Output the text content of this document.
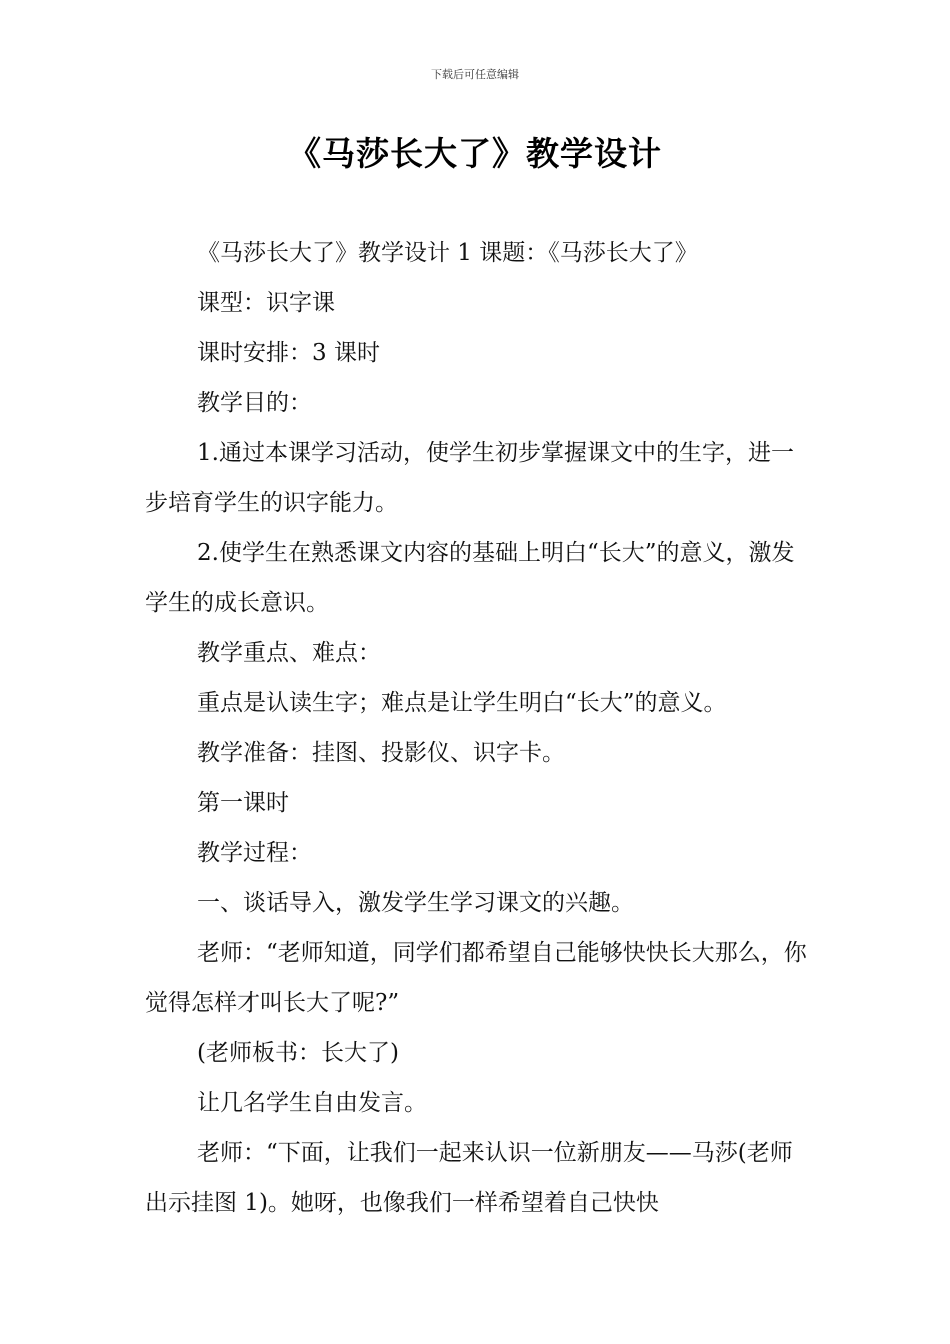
下载后可任意编辑
《马莎长大了》教学设计

《马莎长大了》教学设计 1 课题：《马莎长大了》

课型：识字课

课时安排：3 课时

教学目的：

1.通过本课学习活动，使学生初步掌握课文中的生字，进一步培育学生的识字能力。

2.使学生在熟悉课文内容的基础上明白“长大”的意义，激发学生的成长意识。

教学重点、难点：

重点是认读生字；难点是让学生明白“长大”的意义。

教学准备：挂图、投影仪、识字卡。

第一课时

教学过程：

一、谈话导入，激发学生学习课文的兴趣。

老师：“老师知道，同学们都希望自己能够快快长大那么，你觉得怎样才叫长大了呢?”

(老师板书：长大了)

让几名学生自由发言。

老师：“下面，让我们一起来认识一位新朋友——马莎(老师出示挂图 1)。她呀，也像我们一样希望着自己快快
